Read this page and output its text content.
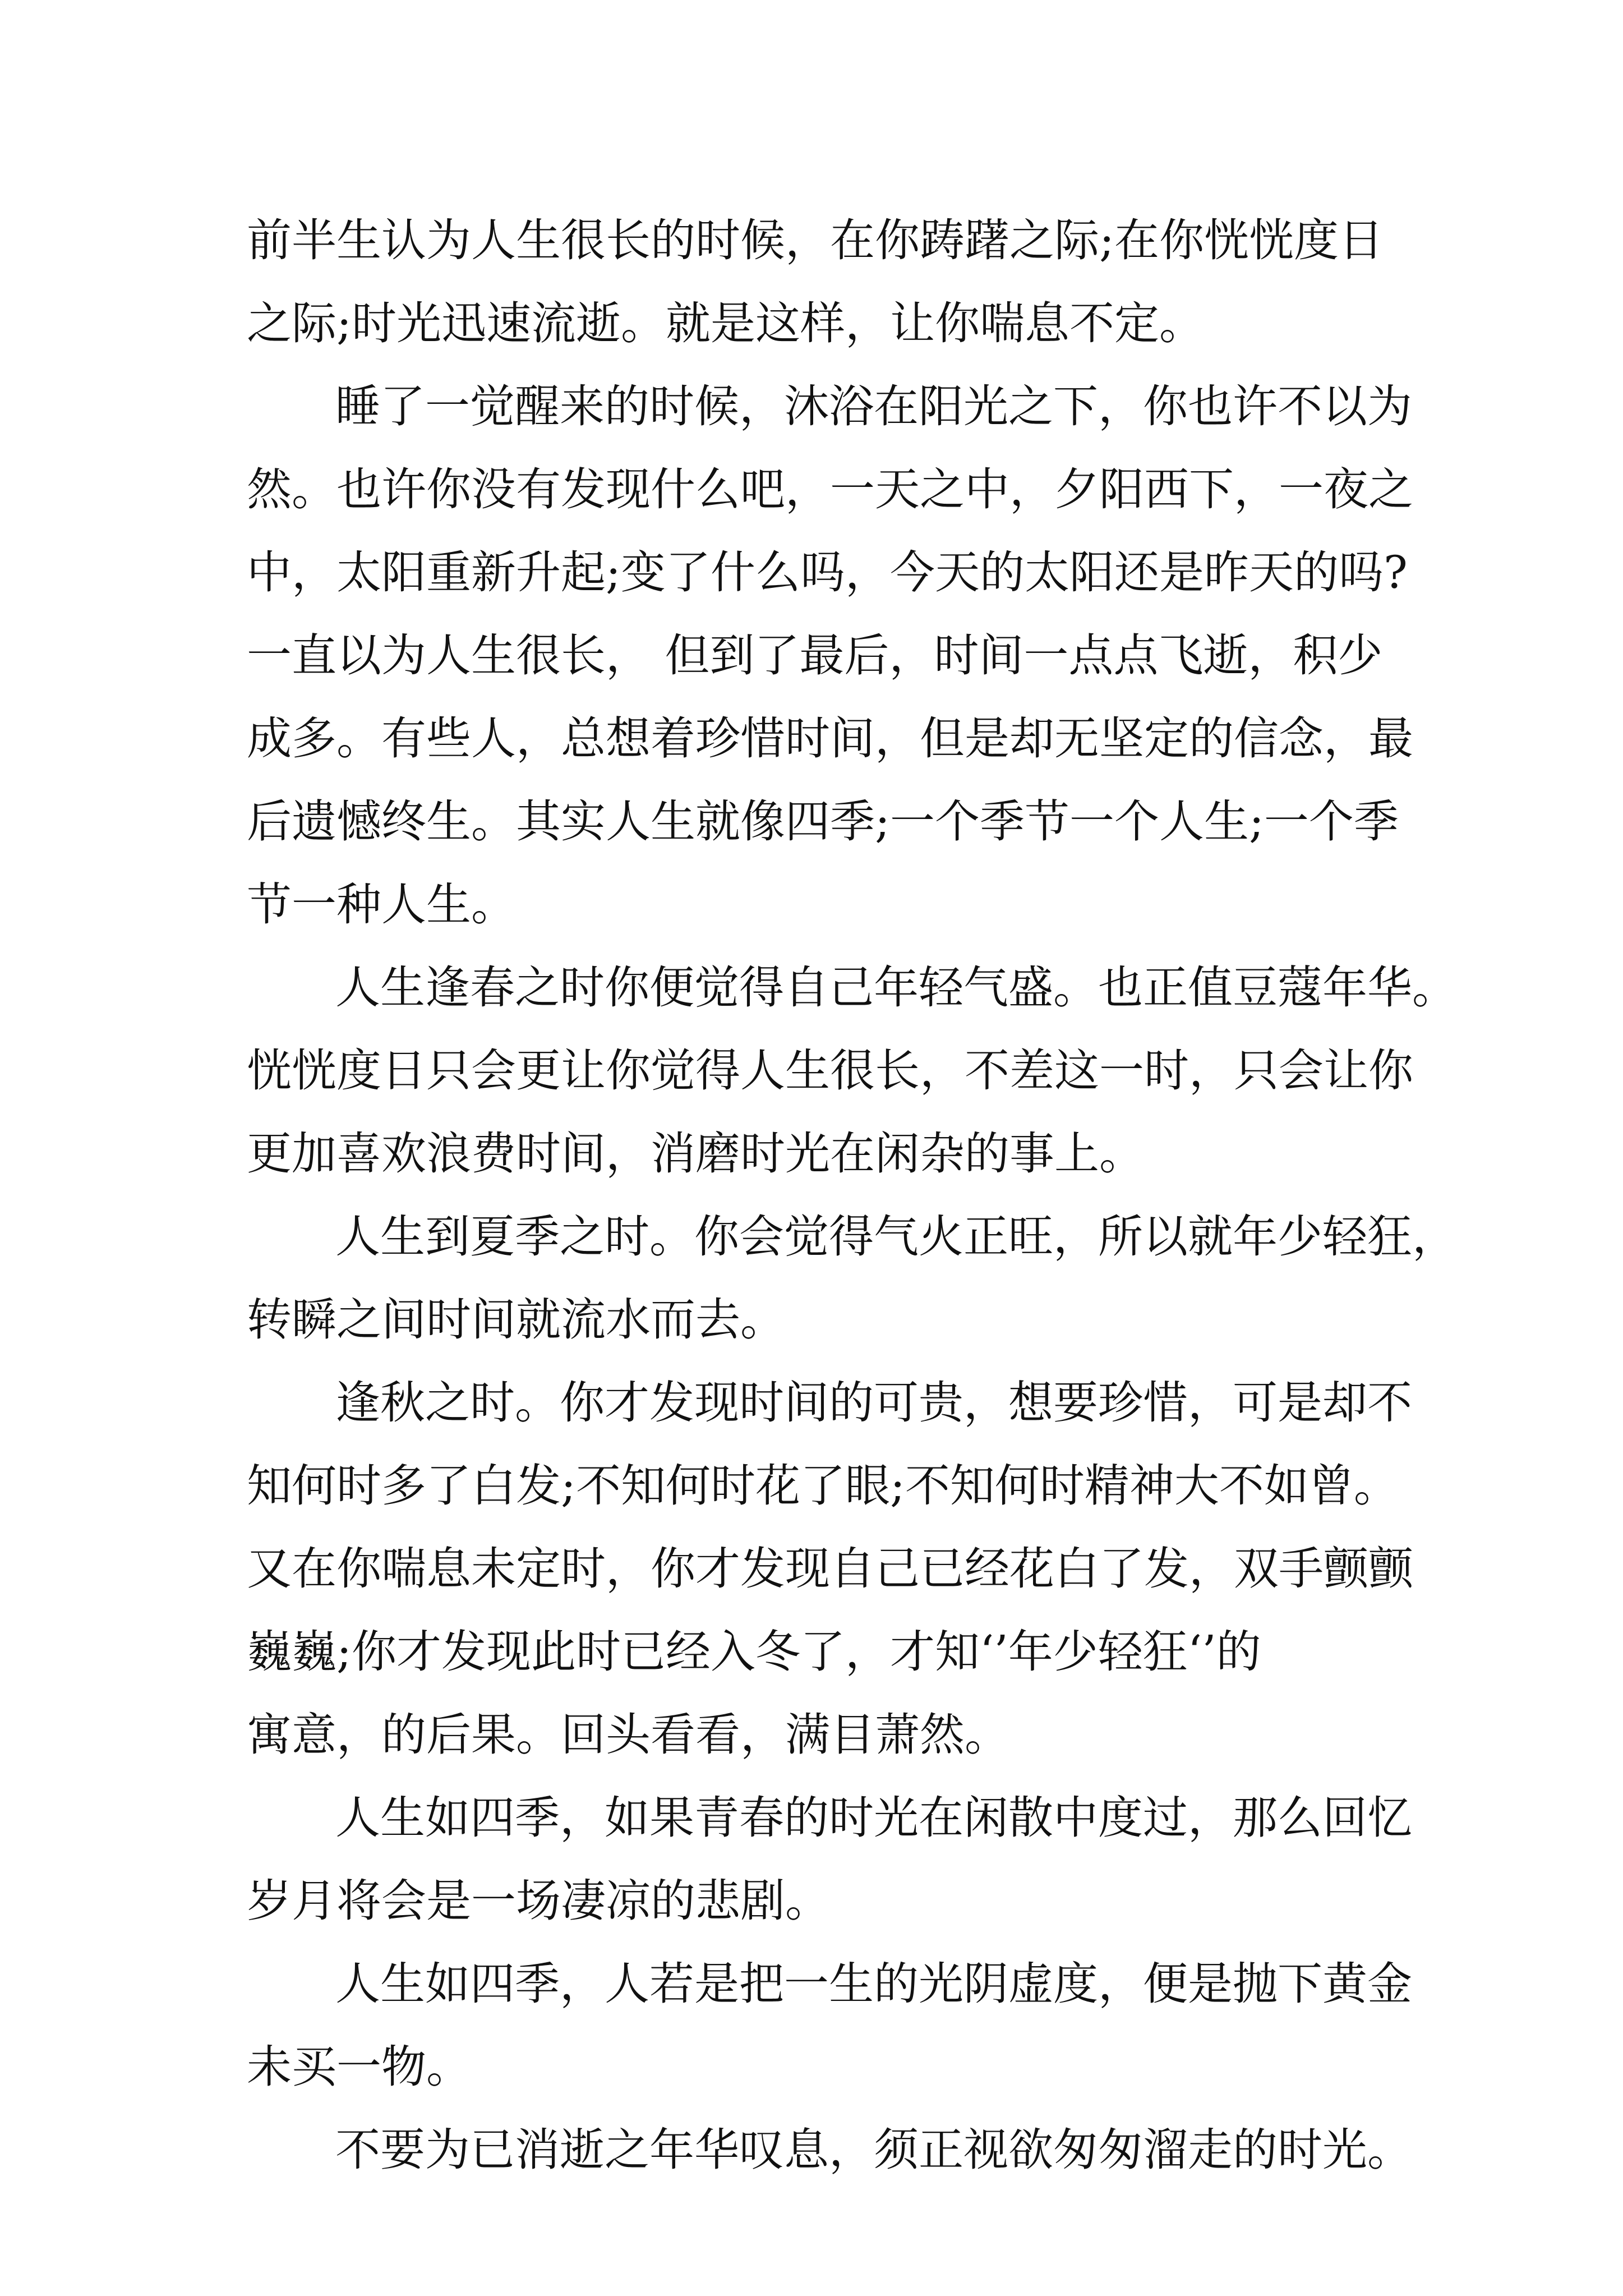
前半生认为人生很长的时候，在你踌躇之际;在你恍恍度日
之际;时光迅速流逝。就是这样，让你喘息不定。
睡了一觉醒来的时候，沐浴在阳光之下，你也许不以为
然。也许你没有发现什么吧，一天之中，夕阳西下，一夜之
中，太阳重新升起;变了什么吗，今天的太阳还是昨天的吗?
一直以为人生很长， 但到了最后，时间一点点飞逝，积少
成多。有些人，总想着珍惜时间，但是却无坚定的信念，最
后遗憾终生。其实人生就像四季;一个季节一个人生;一个季
节一种人生。
人生逢春之时你便觉得自己年轻气盛。也正值豆蔻年华。
恍恍度日只会更让你觉得人生很长，不差这一时，只会让你
更加喜欢浪费时间，消磨时光在闲杂的事上。
人生到夏季之时。你会觉得气火正旺，所以就年少轻狂，
转瞬之间时间就流水而去。
逢秋之时。你才发现时间的可贵，想要珍惜，可是却不
知何时多了白发;不知何时花了眼;不知何时精神大不如曾。
又在你喘息未定时，你才发现自己已经花白了发，双手颤颤
巍巍;你才发现此时已经入冬了，才知‘’年少轻狂‘’的
寓意，的后果。回头看看，满目萧然。
人生如四季，如果青春的时光在闲散中度过，那么回忆
岁月将会是一场凄凉的悲剧。
人生如四季，人若是把一生的光阴虚度，便是抛下黄金
未买一物。
不要为已消逝之年华叹息，须正视欲匆匆溜走的时光。
